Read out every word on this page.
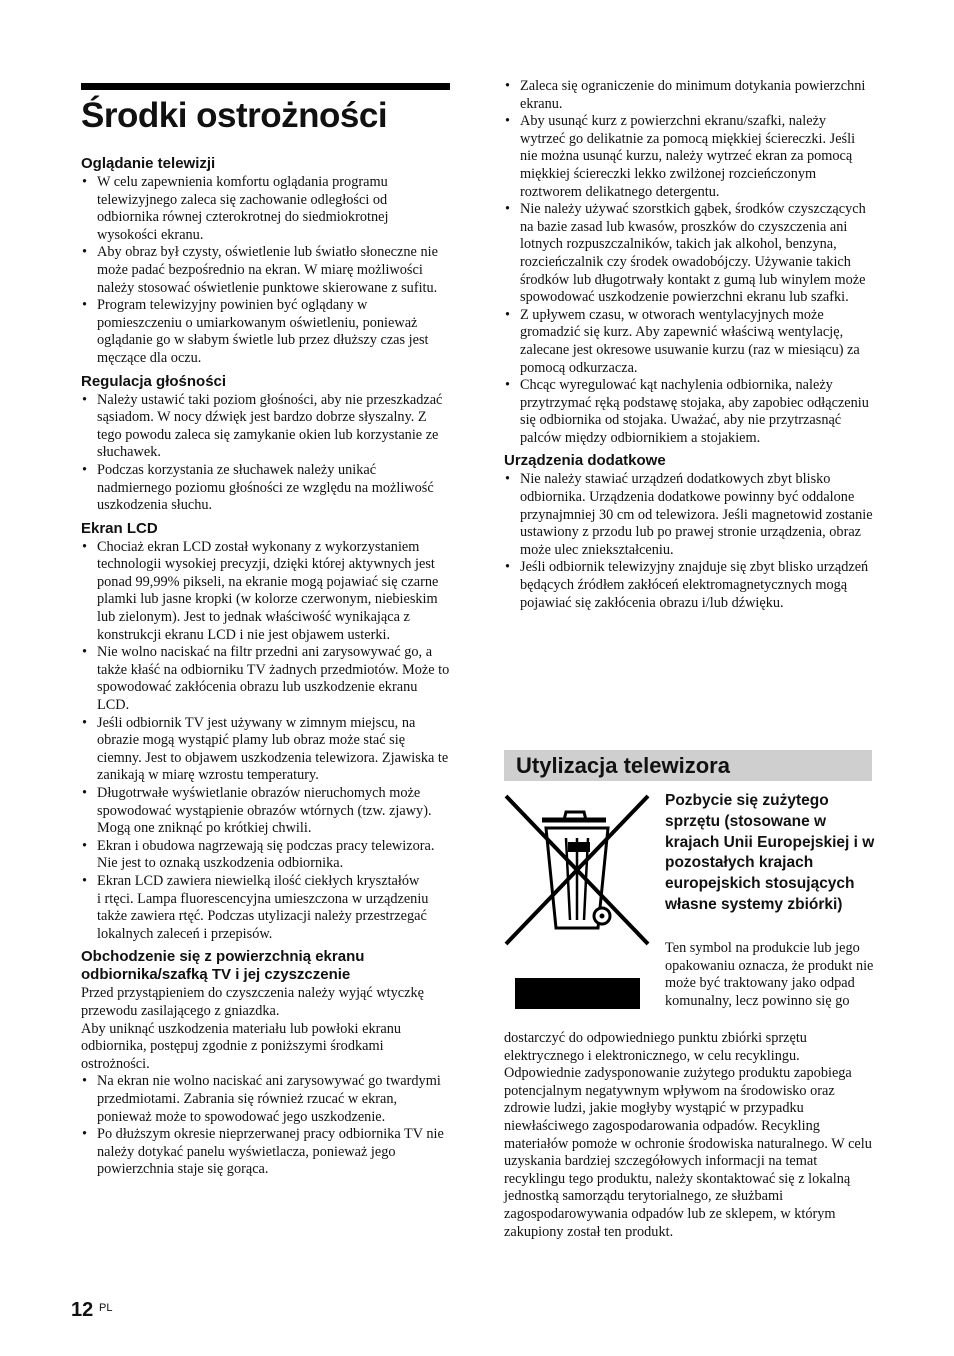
Środki ostrożności
Oglądanie telewizji
• W celu zapewnienia komfortu oglądania programu telewizyjnego zaleca się zachowanie odległości od odbiornika równej czterokrotnej do siedmiokrotnej wysokości ekranu.
• Aby obraz był czysty, oświetlenie lub światło słoneczne nie może padać bezpośrednio na ekran. W miarę możliwości należy stosować oświetlenie punktowe skierowane z sufitu.
• Program telewizyjny powinien być oglądany w pomieszczeniu o umiarkowanym oświetleniu, ponieważ oglądanie go w słabym świetle lub przez dłuższy czas jest męczące dla oczu.
Regulacja głośności
• Należy ustawić taki poziom głośności, aby nie przeszkadzać sąsiadom. W nocy dźwięk jest bardzo dobrze słyszalny. Z tego powodu zaleca się zamykanie okien lub korzystanie ze słuchawek.
• Podczas korzystania ze słuchawek należy unikać nadmiernego poziomu głośności ze względu na możliwość uszkodzenia słuchu.
Ekran LCD
• Chociaż ekran LCD został wykonany z wykorzystaniem technologii wysokiej precyzji, dzięki której aktywnych jest ponad 99,99% pikseli, na ekranie mogą pojawiać się czarne plamki lub jasne kropki (w kolorze czerwonym, niebieskim lub zielonym). Jest to jednak właściwość wynikająca z konstrukcji ekranu LCD i nie jest objawem usterki.
• Nie wolno naciskać na filtr przedni ani zarysowywać go, a także kłaść na odbiorniku TV żadnych przedmiotów. Może to spowodować zakłócenia obrazu lub uszkodzenie ekranu LCD.
• Jeśli odbiornik TV jest używany w zimnym miejscu, na obrazie mogą wystąpić plamy lub obraz może stać się ciemny. Jest to objawem uszkodzenia telewizora. Zjawiska te zanikają w miarę wzrostu temperatury.
• Długotrwałe wyświetlanie obrazów nieruchomych może spowodować wystąpienie obrazów wtórnych (tzw. zjawy). Mogą one zniknąć po krótkiej chwili.
• Ekran i obudowa nagrzewają się podczas pracy telewizora. Nie jest to oznaką uszkodzenia odbiornika.
• Ekran LCD zawiera niewielką ilość ciekłych kryształów
i rtęci. Lampa fluorescencyjna umieszczona w urządzeniu także zawiera rtęć. Podczas utylizacji należy przestrzegać lokalnych zaleceń i przepisów.
Obchodzenie się z powierzchnią ekranu odbiornika/szafką TV i jej czyszczenie

Przed przystąpieniem do czyszczenia należy wyjąć wtyczkę przewodu zasilającego z gniazdka.

Aby uniknąć uszkodzenia materiału lub powłoki ekranu odbiornika, postępuj zgodnie z poniższymi środkami ostrożności.

• Na ekran nie wolno naciskać ani zarysowywać go twardymi przedmiotami. Zabrania się również rzucać w ekran, ponieważ może to spowodować jego uszkodzenie.
• Po dłuższym okresie nieprzerwanej pracy odbiornika TV nie należy dotykać panelu wyświetlacza, ponieważ jego powierzchnia staje się gorąca.
• Zaleca się ograniczenie do minimum dotykania powierzchni ekranu.
• Aby usunąć kurz z powierzchni ekranu/szafki, należy wytrzeć go delikatnie za pomocą miękkiej ściereczki. Jeśli nie można usunąć kurzu, należy wytrzeć ekran za pomocą miękkiej ściereczki lekko zwilżonej rozcieńczonym roztworem delikatnego detergentu.
• Nie należy używać szorstkich gąbek, środków czyszczących na bazie zasad lub kwasów, proszków do czyszczenia ani lotnych rozpuszczalników, takich jak alkohol, benzyna, rozcieńczalnik czy środek owadobójczy. Używanie takich środków lub długotrwały kontakt z gumą lub winylem może spowodować uszkodzenie powierzchni ekranu lub szafki.
• Z upływem czasu, w otworach wentylacyjnych może gromadzić się kurz. Aby zapewnić właściwą wentylację, zalecane jest okresowe usuwanie kurzu (raz w miesiącu) za pomocą odkurzacza.
• Chcąc wyregulować kąt nachylenia odbiornika, należy przytrzymać ręką podstawę stojaka, aby zapobiec odłączeniu się odbiornika od stojaka. Uważać, aby nie przytrzasnąć palców między odbiornikiem a stojakiem.
Urządzenia dodatkowe
• Nie należy stawiać urządzeń dodatkowych zbyt blisko odbiornika. Urządzenia dodatkowe powinny być oddalone przynajmniej 30 cm od telewizora. Jeśli magnetowid zostanie ustawiony z przodu lub po prawej stronie urządzenia, obraz może ulec zniekształceniu.
• Jeśli odbiornik telewizyjny znajduje się zbyt blisko urządzeń będących źródłem zakłóceń elektromagnetycznych mogą pojawiać się zakłócenia obrazu i/lub dźwięku.
Utylizacja telewizora

Pozbycie się zużytego sprzętu (stosowane w krajach Unii Europejskiej i w pozostałych krajach europejskich stosujących własne systemy zbiórki)

Ten symbol na produkcie lub jego opakowaniu oznacza, że produkt nie może być traktowany jako odpad komunalny, lecz powinno się go

dostarczyć do odpowiedniego punktu zbiórki sprzętu elektrycznego i elektronicznego, w celu recyklingu. Odpowiednie zadysponowanie zużytego produktu zapobiega potencjalnym negatywnym wpływom na środowisko oraz zdrowie ludzi, jakie mogłyby wystąpić w przypadku niewłaściwego zagospodarowania odpadów. Recykling materiałów pomoże w ochronie środowiska naturalnego. W celu uzyskania bardziej szczegółowych informacji na temat recyklingu tego produktu, należy skontaktować się z lokalną jednostką samorządu terytorialnego, ze służbami zagospodarowywania odpadów lub ze sklepem, w którym zakupiony został ten produkt.

12 PL
